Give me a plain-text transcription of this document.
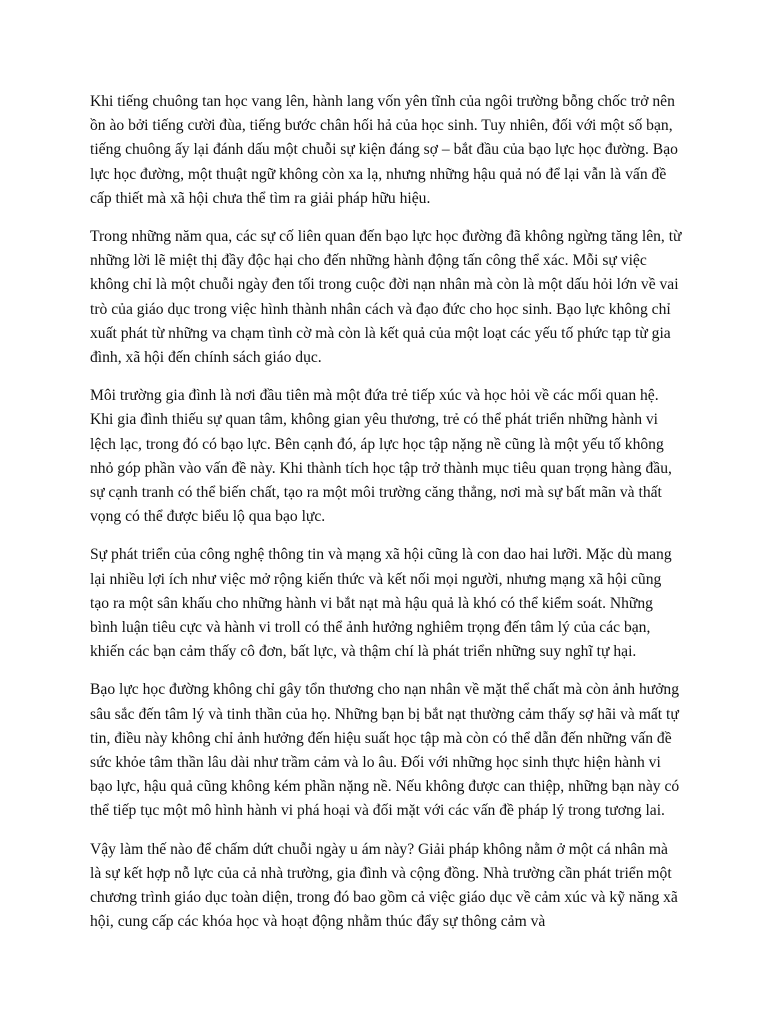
Khi tiếng chuông tan học vang lên, hành lang vốn yên tĩnh của ngôi trường bỗng chốc trở nên ồn ào bởi tiếng cười đùa, tiếng bước chân hối hả của học sinh. Tuy nhiên, đối với một số bạn, tiếng chuông ấy lại đánh dấu một chuỗi sự kiện đáng sợ – bắt đầu của bạo lực học đường. Bạo lực học đường, một thuật ngữ không còn xa lạ, nhưng những hậu quả nó để lại vẫn là vấn đề cấp thiết mà xã hội chưa thể tìm ra giải pháp hữu hiệu.

Trong những năm qua, các sự cố liên quan đến bạo lực học đường đã không ngừng tăng lên, từ những lời lẽ miệt thị đầy độc hại cho đến những hành động tấn công thể xác. Mỗi sự việc không chỉ là một chuỗi ngày đen tối trong cuộc đời nạn nhân mà còn là một dấu hỏi lớn về vai trò của giáo dục trong việc hình thành nhân cách và đạo đức cho học sinh. Bạo lực không chỉ xuất phát từ những va chạm tình cờ mà còn là kết quả của một loạt các yếu tố phức tạp từ gia đình, xã hội đến chính sách giáo dục.

Môi trường gia đình là nơi đầu tiên mà một đứa trẻ tiếp xúc và học hỏi về các mối quan hệ. Khi gia đình thiếu sự quan tâm, không gian yêu thương, trẻ có thể phát triển những hành vi lệch lạc, trong đó có bạo lực. Bên cạnh đó, áp lực học tập nặng nề cũng là một yếu tố không nhỏ góp phần vào vấn đề này. Khi thành tích học tập trở thành mục tiêu quan trọng hàng đầu, sự cạnh tranh có thể biến chất, tạo ra một môi trường căng thẳng, nơi mà sự bất mãn và thất vọng có thể được biểu lộ qua bạo lực.

Sự phát triển của công nghệ thông tin và mạng xã hội cũng là con dao hai lưỡi. Mặc dù mang lại nhiều lợi ích như việc mở rộng kiến thức và kết nối mọi người, nhưng mạng xã hội cũng tạo ra một sân khấu cho những hành vi bắt nạt mà hậu quả là khó có thể kiểm soát. Những bình luận tiêu cực và hành vi troll có thể ảnh hưởng nghiêm trọng đến tâm lý của các bạn, khiến các bạn cảm thấy cô đơn, bất lực, và thậm chí là phát triển những suy nghĩ tự hại.

Bạo lực học đường không chỉ gây tổn thương cho nạn nhân về mặt thể chất mà còn ảnh hưởng sâu sắc đến tâm lý và tinh thần của họ. Những bạn bị bắt nạt thường cảm thấy sợ hãi và mất tự tin, điều này không chỉ ảnh hưởng đến hiệu suất học tập mà còn có thể dẫn đến những vấn đề sức khỏe tâm thần lâu dài như trầm cảm và lo âu. Đối với những học sinh thực hiện hành vi bạo lực, hậu quả cũng không kém phần nặng nề. Nếu không được can thiệp, những bạn này có thể tiếp tục một mô hình hành vi phá hoại và đối mặt với các vấn đề pháp lý trong tương lai.

Vậy làm thế nào để chấm dứt chuỗi ngày u ám này? Giải pháp không nằm ở một cá nhân mà là sự kết hợp nỗ lực của cả nhà trường, gia đình và cộng đồng. Nhà trường cần phát triển một chương trình giáo dục toàn diện, trong đó bao gồm cả việc giáo dục về cảm xúc và kỹ năng xã hội, cung cấp các khóa học và hoạt động nhằm thúc đẩy sự thông cảm và
